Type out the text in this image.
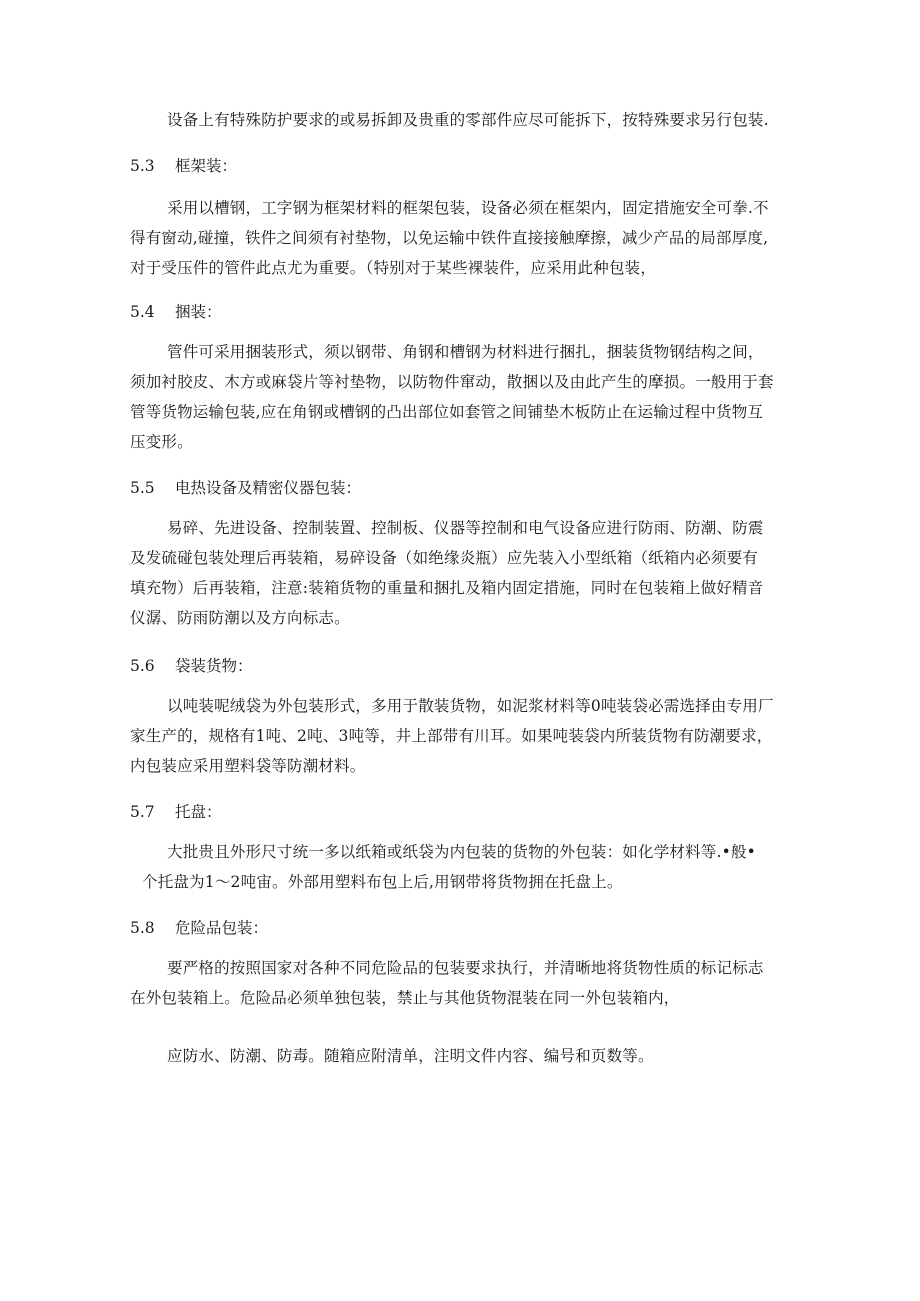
设备上有特殊防护要求的或易拆卸及贵重的零部件应尽可能拆下，按特殊要求另行包装.
5.3 框架装：
采用以槽钢，工字钢为框架材料的框架包装，设备必须在框架内，固定措施安全可拳.不
得有窗动,碰撞，铁件之间须有衬垫物，以免运输中铁件直接接触摩擦，减少产品的局部厚度,
对于受压件的管件此点尤为重要。（特别对于某些裸装件，应采用此种包装，
5.4 捆装：
管件可采用捆装形式，须以钢带、角钢和槽钢为材料进行捆扎，捆装货物钢结构之间，
须加衬胶皮、木方或麻袋片等衬垫物，以防物件窜动，散捆以及由此产生的摩损。一般用于套
管等货物运输包装,应在角钢或槽钢的凸出部位如套管之间铺垫木板防止在运输过程中货物互
压变形。
5.5 电热设备及精密仪器包装：
易碎、先进设备、控制装置、控制板、仪器等控制和电气设备应进行防雨、防潮、防震
及发硫碰包装处理后再装箱，易碎设备（如绝缘炎瓶）应先装入小型纸箱（纸箱内必须要有
填充物）后再装箱，注意:装箱货物的重量和捆扎及箱内固定措施，同时在包装箱上做好精音
仪潺、防雨防潮以及方向标志。
5.6 袋装货物：
以吨装呢绒袋为外包装形式，多用于散装货物，如泥浆材料等0吨装袋必需选择由专用厂
家生产的，规格有1吨、2吨、3吨等，井上部带有川耳。如果吨装袋内所装货物有防潮要求，
内包装应采用塑料袋等防潮材料。
5.7 托盘：
大批贵且外形尺寸统一多以纸箱或纸袋为内包装的货物的外包装：如化学材料等.•般•
个托盘为1～2吨宙。外部用塑料布包上后,用钢带将货物拥在托盘上。
5.8 危险品包装：
要严格的按照国家对各种不同危险品的包装要求执行，并清晰地将货物性质的标记标志
在外包装箱上。危险品必须单独包装，禁止与其他货物混装在同一外包装箱内，
应防水、防潮、防毒。随箱应附清单，注明文件内容、编号和页数等。
